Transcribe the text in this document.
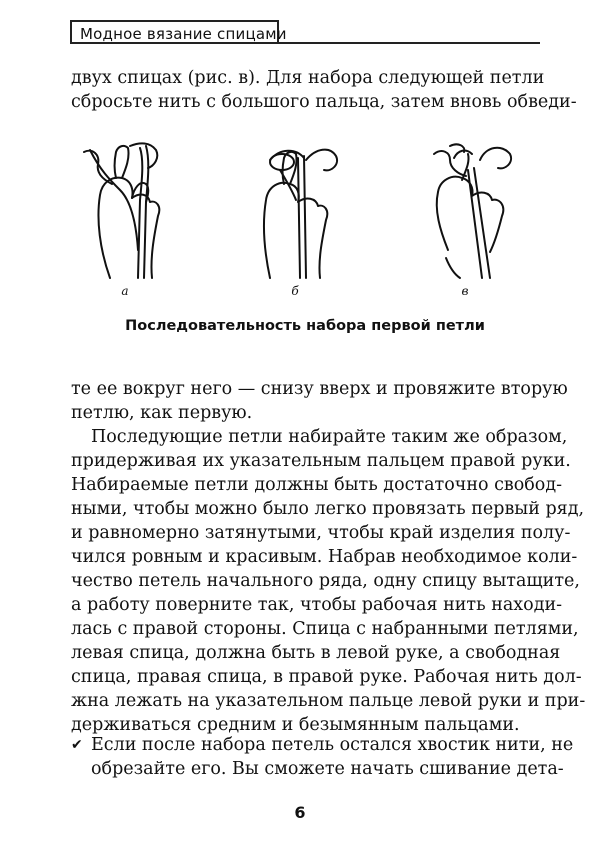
Модное вязание спицами

двух спицах (рис. в). Для набора следующей петли

сбросьте нить с большого пальца, затем вновь обведи-

а	б	в
Последовательность набора первой петли

те ее вокруг него — снизу вверх и провяжите вторую

петлю, как первую.

Последующие петли набирайте таким же образом,

придерживая их указательным пальцем правой руки.

Набираемые петли должны быть достаточно свобод-

ными, чтобы можно было легко провязать первый ряд,

и равномерно затянутыми, чтобы край изделия полу-

чился ровным и красивым. Набрав необходимое коли-

чество петель начального ряда, одну спицу вытащите,

а работу поверните так, чтобы рабочая нить находи-

лась с правой стороны. Спица с набранными петлями,

левая спица, должна быть в левой руке, а свободная

спица, правая спица, в правой руке. Рабочая нить дол-

жна лежать на указательном пальце левой руки и при-

держиваться средним и безымянным пальцами.

✔ Если после набора петель остался хвостик нити, не

обрезайте его. Вы сможете начать сшивание дета-

6
